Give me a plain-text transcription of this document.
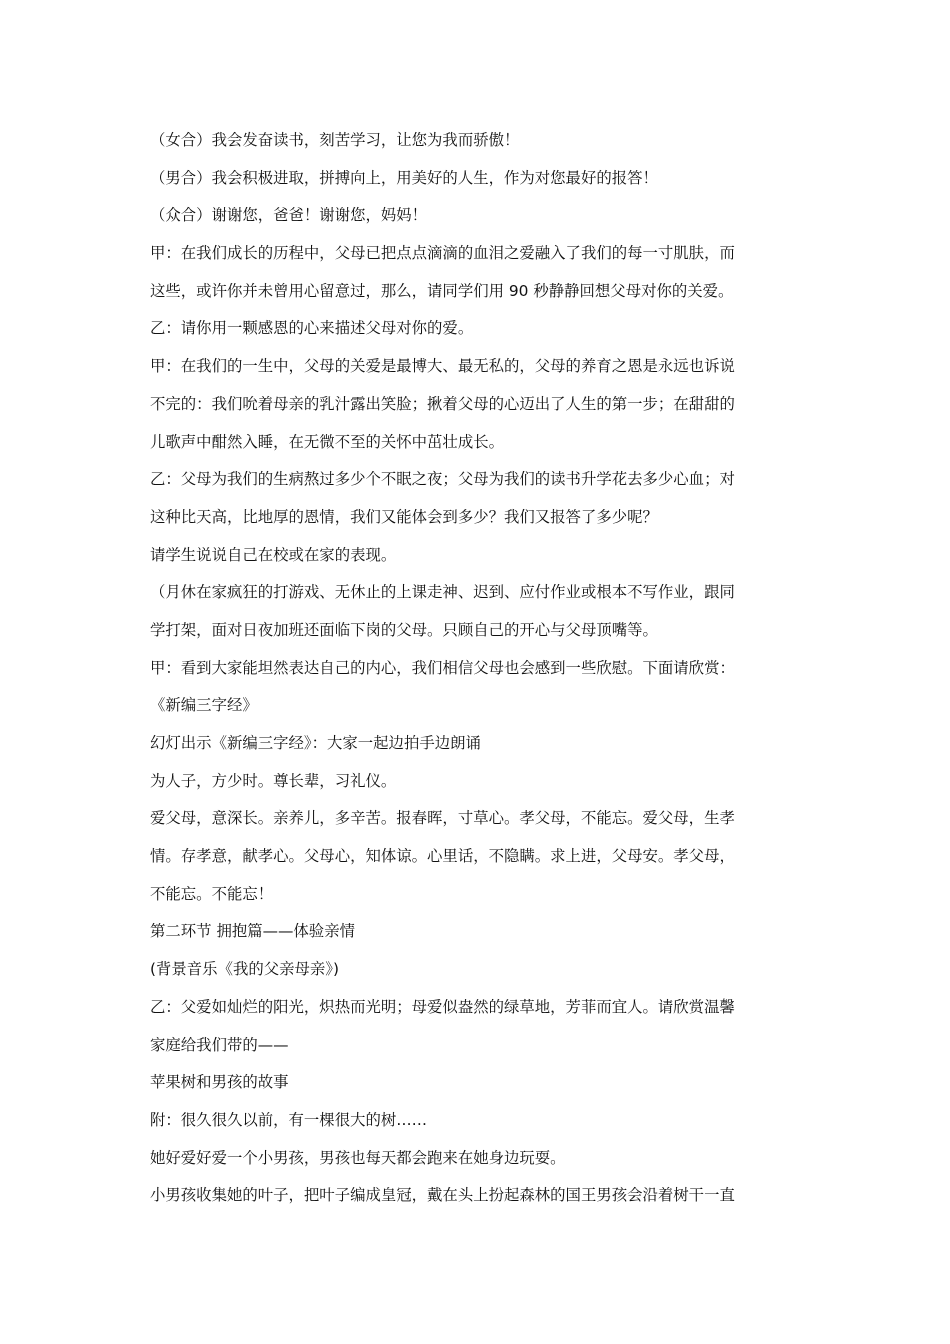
（女合）我会发奋读书，刻苦学习，让您为我而骄傲！
（男合）我会积极进取，拼搏向上，用美好的人生，作为对您最好的报答！
（众合）谢谢您，爸爸！谢谢您，妈妈！
甲：在我们成长的历程中，父母已把点点滴滴的血泪之爱融入了我们的每一寸肌肤，而
这些，或许你并未曾用心留意过，那么，请同学们用 90 秒静静回想父母对你的关爱。
乙：请你用一颗感恩的心来描述父母对你的爱。
甲：在我们的一生中，父母的关爱是最博大、最无私的，父母的养育之恩是永远也诉说
不完的：我们吮着母亲的乳汁露出笑脸；揪着父母的心迈出了人生的第一步；在甜甜的
儿歌声中酣然入睡，在无微不至的关怀中茁壮成长。
乙：父母为我们的生病熬过多少个不眠之夜；父母为我们的读书升学花去多少心血；对
这种比天高，比地厚的恩情，我们又能体会到多少？我们又报答了多少呢？
请学生说说自己在校或在家的表现。
（月休在家疯狂的打游戏、无休止的上课走神、迟到、应付作业或根本不写作业，跟同
学打架，面对日夜加班还面临下岗的父母。只顾自己的开心与父母顶嘴等。
甲：看到大家能坦然表达自己的内心，我们相信父母也会感到一些欣慰。下面请欣赏：
《新编三字经》
幻灯出示《新编三字经》：大家一起边拍手边朗诵
为人子，方少时。尊长辈，习礼仪。
爱父母，意深长。亲养儿，多辛苦。报春晖，寸草心。孝父母，不能忘。爱父母，生孝
情。存孝意，献孝心。父母心，知体谅。心里话，不隐瞒。求上进，父母安。孝父母，
不能忘。不能忘！
第二环节 拥抱篇——体验亲情
(背景音乐《我的父亲母亲》)
乙：父爱如灿烂的阳光，炽热而光明；母爱似盎然的绿草地，芳菲而宜人。请欣赏温馨
家庭给我们带的——
苹果树和男孩的故事
附：很久很久以前，有一棵很大的树……
她好爱好爱一个小男孩，男孩也每天都会跑来在她身边玩耍。
小男孩收集她的叶子，把叶子编成皇冠，戴在头上扮起森林的国王男孩会沿着树干一直
